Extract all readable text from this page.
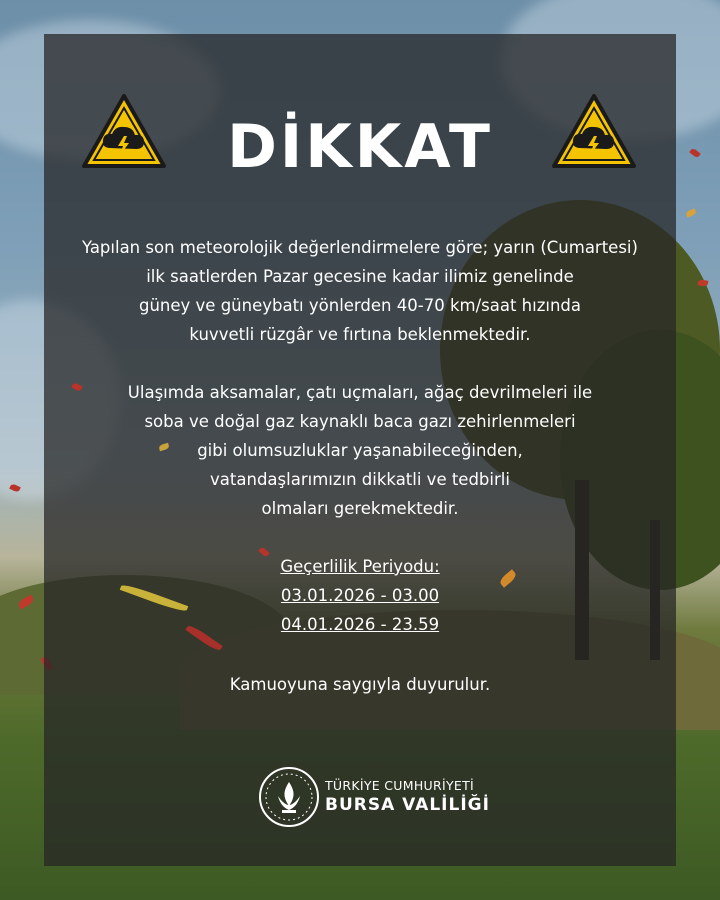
DİKKAT
Yapılan son meteorolojik değerlendirmelere göre; yarın (Cumartesi)
ilk saatlerden Pazar gecesine kadar ilimiz genelinde
güney ve güneybatı yönlerden 40-70 km/saat hızında
kuvvetli rüzgâr ve fırtına beklenmektedir.
Ulaşımda aksamalar, çatı uçmaları, ağaç devrilmeleri ile
soba ve doğal gaz kaynaklı baca gazı zehirlenmeleri
gibi olumsuzluklar yaşanabileceğinden,
vatandaşlarımızın dikkatli ve tedbirli
olmaları gerekmektedir.
Geçerlilik Periyodu:
03.01.2026 - 03.00
04.01.2026 - 23.59
Kamuoyuna saygıyla duyurulur.
TÜRKİYE CUMHURİYETİ
BURSA VALİLİĞİ
